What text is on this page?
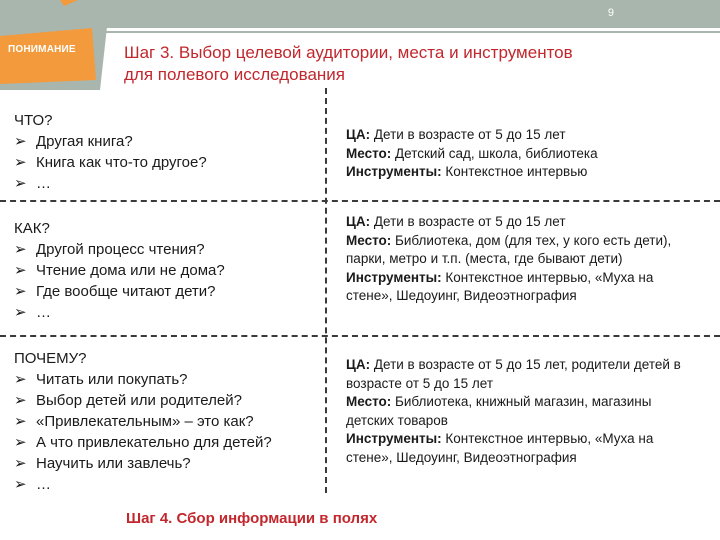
9
ПОНИМАНИЕ	Шаг 3. Выбор целевой аудитории, места и инструментов
для полевого исследования
ЧТО?
➢ Другая книга?
➢ Книга как что-то другое?
➢ …

ЦА: Дети в возрасте от 5 до 15 лет

Место: Детский сад, школа, библиотека

Инструменты: Контекстное интервью

КАК?
➢ Другой процесс чтения?
➢ Чтение дома или не дома?
➢ Где вообще читают дети?
➢ …

ЦА: Дети в возрасте от 5 до 15 лет

Место: Библиотека, дом (для тех, у кого есть дети), парки, метро и т.п. (места, где бывают дети)

Инструменты: Контекстное интервью, «Муха на стене», Шедоуинг, Видеоэтнография

ПОЧЕМУ?
➢ Читать или покупать?
➢ Выбор детей или родителей?
➢ «Привлекательным» – это как?
➢ А что привлекательно для детей?
➢ Научить или завлечь?
➢ …

ЦА: Дети в возрасте от 5 до 15 лет, родители детей в возрасте от 5 до 15 лет

Место: Библиотека, книжный магазин, магазины детских товаров

Инструменты: Контекстное интервью, «Муха на стене», Шедоуинг, Видеоэтнография

Шаг 4. Сбор информации в полях
